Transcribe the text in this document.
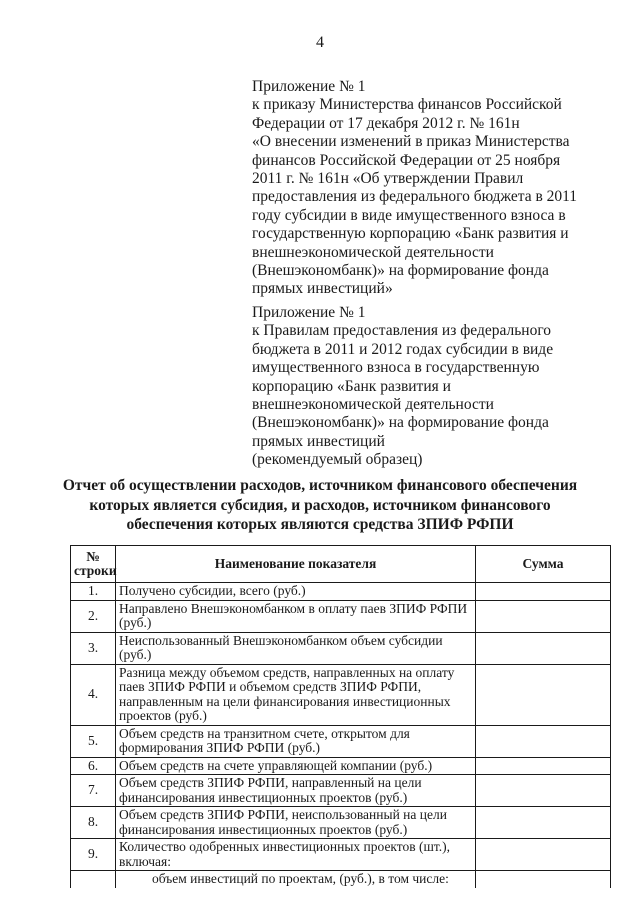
4

Приложение № 1

к приказу Министерства финансов Российской

Федерации от 17 декабря 2012 г. № 161н

«О внесении изменений в приказ Министерства

финансов Российской Федерации от 25 ноября

2011 г. № 161н «Об утверждении Правил

предоставления из федерального бюджета в 2011

году субсидии в виде имущественного взноса в

государственную корпорацию «Банк развития и

внешнеэкономической деятельности

(Внешэкономбанк)» на формирование фонда

прямых инвестиций»

Приложение № 1

к Правилам предоставления из федерального

бюджета в 2011 и 2012 годах субсидии в виде

имущественного взноса в государственную

корпорацию «Банк развития и

внешнеэкономической деятельности

(Внешэкономбанк)» на формирование фонда

прямых инвестиций

(рекомендуемый образец)

Отчет об осуществлении расходов, источником финансового обеспечения

которых является субсидия, и расходов, источником финансового

обеспечения которых являются средства ЗПИФ РФПИ

№ строки	Наименование показателя	Сумма
1.	Получено субсидии, всего (руб.)	
2.	Направлено Внешэкономбанком в оплату паев ЗПИФ РФПИ (руб.)	
3.	Неиспользованный Внешэкономбанком объем субсидии (руб.)	
4.	Разница между объемом средств, направленных на оплату паев ЗПИФ РФПИ и объемом средств ЗПИФ РФПИ, направленным на цели финансирования инвестиционных проектов (руб.)	
5.	Объем средств на транзитном счете, открытом для формирования ЗПИФ РФПИ (руб.)	
6.	Объем средств на счете управляющей компании (руб.)	
7.	Объем средств ЗПИФ РФПИ, направленный на цели финансирования инвестиционных проектов (руб.)	
8.	Объем средств ЗПИФ РФПИ, неиспользованный на цели финансирования инвестиционных проектов (руб.)	
9.	Количество одобренных инвестиционных проектов (шт.), включая:	
	объем инвестиций по проектам, (руб.), в том числе:	
